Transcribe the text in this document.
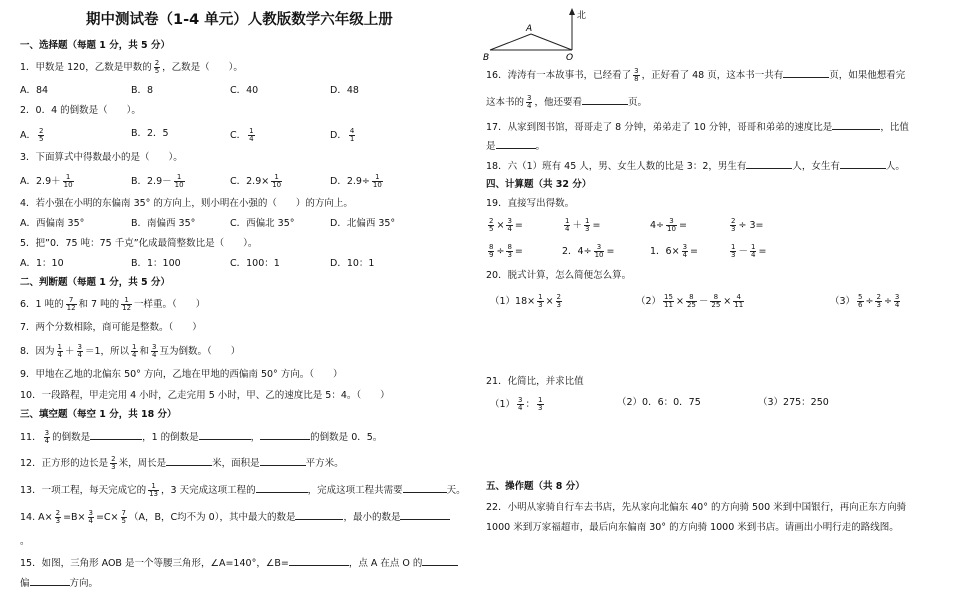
期中测试卷（1-4 单元）人教版数学六年级上册
一、选择题（每题 1 分，共 5 分）
1．甲数是 120，乙数是甲数的 $\frac{2}{5}$ ，乙数是（　　）。
A．84	B．8	C．40	D．48
2．0．4 的倒数是（　　）。
A． $\frac{2}{5}$	B．2．5	C． $\frac{1}{4}$	D． $\frac{4}{1}$
3．下面算式中得数最小的是（　　）。
A．$2.9+ \frac{1}{10}$	B．$2.9- \frac{1}{10}$	C．$2.9\times \frac{1}{10}$	D．$2.9\div \frac{1}{10}$
4．若小强在小明的东偏南 35° 的方向上，则小明在小强的（　　）的方向上。
A．西偏南 35°	B．南偏西 35°	C．西偏北 35°	D．北偏西 35°
5．把”0．75 吨：75 千克”化成最简整数比是（　　）。
A．1：10	B．1：100	C．100：1	D．10：1
二、判断题（每题 1 分，共 5 分）
6．1 吨的 $\frac{7}{12}$ 和 7 吨的 $\frac{1}{12}$ 一样重。（　　）
7．两个分数相除，商可能是整数。（　　）
8．因为 $\frac{1}{4} + \frac{3}{4} =1$，所以 $\frac{1}{4}$ 和 $\frac{3}{4}$ 互为倒数。（　　）
9．甲地在乙地的北偏东 50° 方向，乙地在甲地的西偏南 50° 方向。（　　）
10．一段路程，甲走完用 4 小时，乙走完用 5 小时，甲、乙的速度比是 5：4。（　　）
三、填空题（每空 1 分，共 18 分）
11． $\frac{3}{4}$ 的倒数是	，1 的倒数是	，	的倒数是 0．5。
12．正方形的边长是 $\frac{2}{3}$ 米，周长是	米，面积是	平方米。
13．一项工程，每天完成它的 $\frac{1}{13}$ ，3 天完成这项工程的	，完成这项工程共需要	天。
14. $A\times \frac{2}{3} =B\times \frac{3}{4} =C\times \frac{7}{5} (A$，B，C均不为 0），其中最大的数是	，最小的数是
。
15．如图，三角形 AOB 是一个等腰三角形，∠A=140°，∠B=	，点 A 在点 O 的
偏	方向。
北
A
B	O
16．涛涛有一本故事书，已经看了 $\frac{3}{8}$ ，正好看了 48 页，这本书一共有	页，如果他想看完
这本书的 $\frac{3}{4}$ ，他还要看	页。
17．从家到图书馆，哥哥走了 8 分钟，弟弟走了 10 分钟，哥哥和弟弟的速度比是	，比值
是	。
18．六（1）班有 45 人，男、女生人数的比是 3：2，男生有	人，女生有	人。
四、计算题（共 32 分）
19．直接写出得数。
$\frac{2}{5} \times \frac{3}{4}$ =	$\frac{1}{4} + \frac{1}{3}$ =	$4\div \frac{3}{10}$ =	$\frac{2}{3} \div 3=$
$\frac{8}{9} \div \frac{8}{3}$ =	2．$4\div \frac{3}{10}$ =	1．$6\times \frac{3}{4}$ =	$\frac{1}{3} - \frac{1}{4}$ =
20．脱式计算，怎么简便怎么算。
$(1)18\times \frac{1}{3} \times \frac{2}{3}$	$(2) \frac{15}{11} \times \frac{8}{25} - \frac{8}{25} \times \frac{4}{11}$	$(3) \frac{5}{6} \div \frac{2}{3} \div \frac{3}{4}$
21．化简比，并求比值
$(1) \frac{3}{4}$ ： $\frac{1}{3}$	（2）0．6：0．75	（3）275：250
五、操作题（共 8 分）
22．小明从家骑自行车去书店，先从家向北偏东 40° 的方向骑 500 米到中国银行，再向正东方向骑
1000 米到万家福超市，最后向东偏南 30° 的方向骑 1000 米到书店。请画出小明行走的路线图。
